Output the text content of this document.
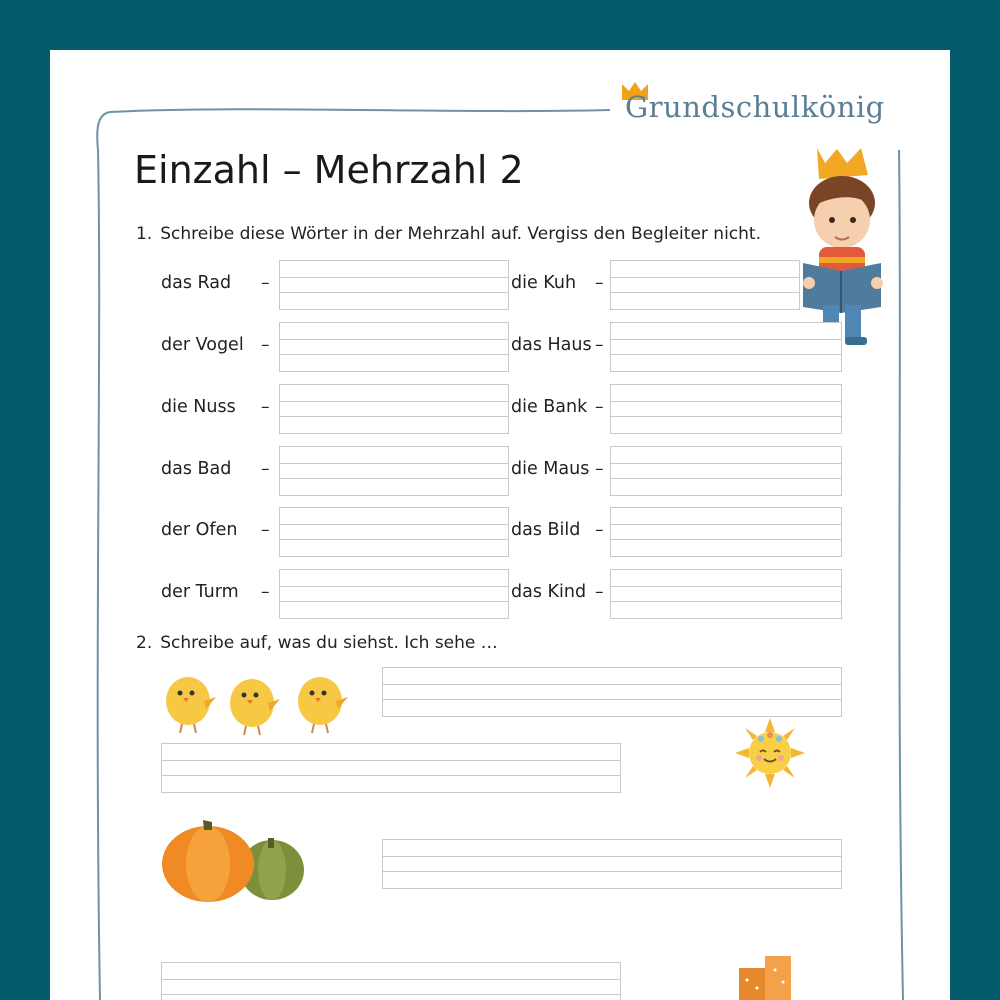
Grundschulkönig
Einzahl – Mehrzahl 2
1. Schreibe diese Wörter in der Mehrzahl auf. Vergiss den Begleiter nicht.
das Rad –	die Kuh –
der Vogel –	das Haus –
die Nuss –	die Bank –
das Bad –	die Maus –
der Ofen –	das Bild –
der Turm –	das Kind –
2. Schreibe auf, was du siehst. Ich sehe …
